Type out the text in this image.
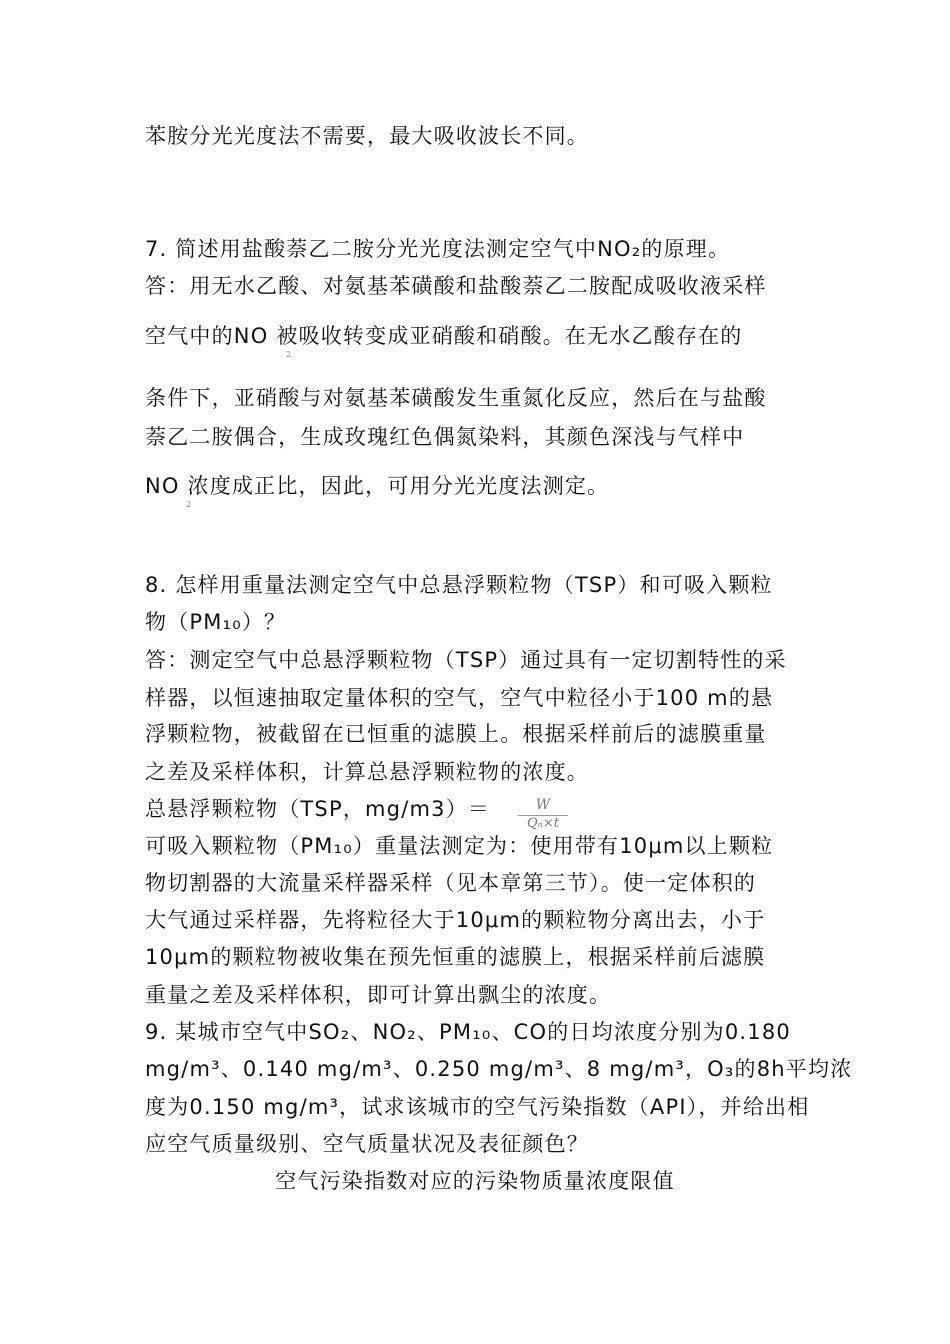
苯胺分光光度法不需要，最大吸收波长不同。
7. 简述用盐酸萘乙二胺分光光度法测定空气中NO₂的原理。
答：用无水乙酸、对氨基苯磺酸和盐酸萘乙二胺配成吸收液采样
空气中的NO 被吸收转变成亚硝酸和硝酸。在无水乙酸存在的
2
条件下，亚硝酸与对氨基苯磺酸发生重氮化反应，然后在与盐酸
萘乙二胺偶合，生成玫瑰红色偶氮染料，其颜色深浅与气样中
NO 浓度成正比，因此，可用分光光度法测定。
2
8. 怎样用重量法测定空气中总悬浮颗粒物（TSP）和可吸入颗粒
物（PM₁₀）？
答：测定空气中总悬浮颗粒物（TSP）通过具有一定切割特性的采
样器，以恒速抽取定量体积的空气，空气中粒径小于100 m的悬
浮颗粒物，被截留在已恒重的滤膜上。根据采样前后的滤膜重量
之差及采样体积，计算总悬浮颗粒物的浓度。
总悬浮颗粒物（TSP，mg/m3）＝	W
Qₙ×t
可吸入颗粒物（PM₁₀）重量法测定为：使用带有10μm以上颗粒
物切割器的大流量采样器采样（见本章第三节）。使一定体积的
大气通过采样器，先将粒径大于10μm的颗粒物分离出去，小于
10μm的颗粒物被收集在预先恒重的滤膜上，根据采样前后滤膜
重量之差及采样体积，即可计算出飘尘的浓度。
9. 某城市空气中SO₂、NO₂、PM₁₀、CO的日均浓度分别为0.180
mg/m³、0.140 mg/m³、0.250 mg/m³、8 mg/m³，O₃的8h平均浓
度为0.150 mg/m³，试求该城市的空气污染指数（API），并给出相
应空气质量级别、空气质量状况及表征颜色？
空气污染指数对应的污染物质量浓度限值
